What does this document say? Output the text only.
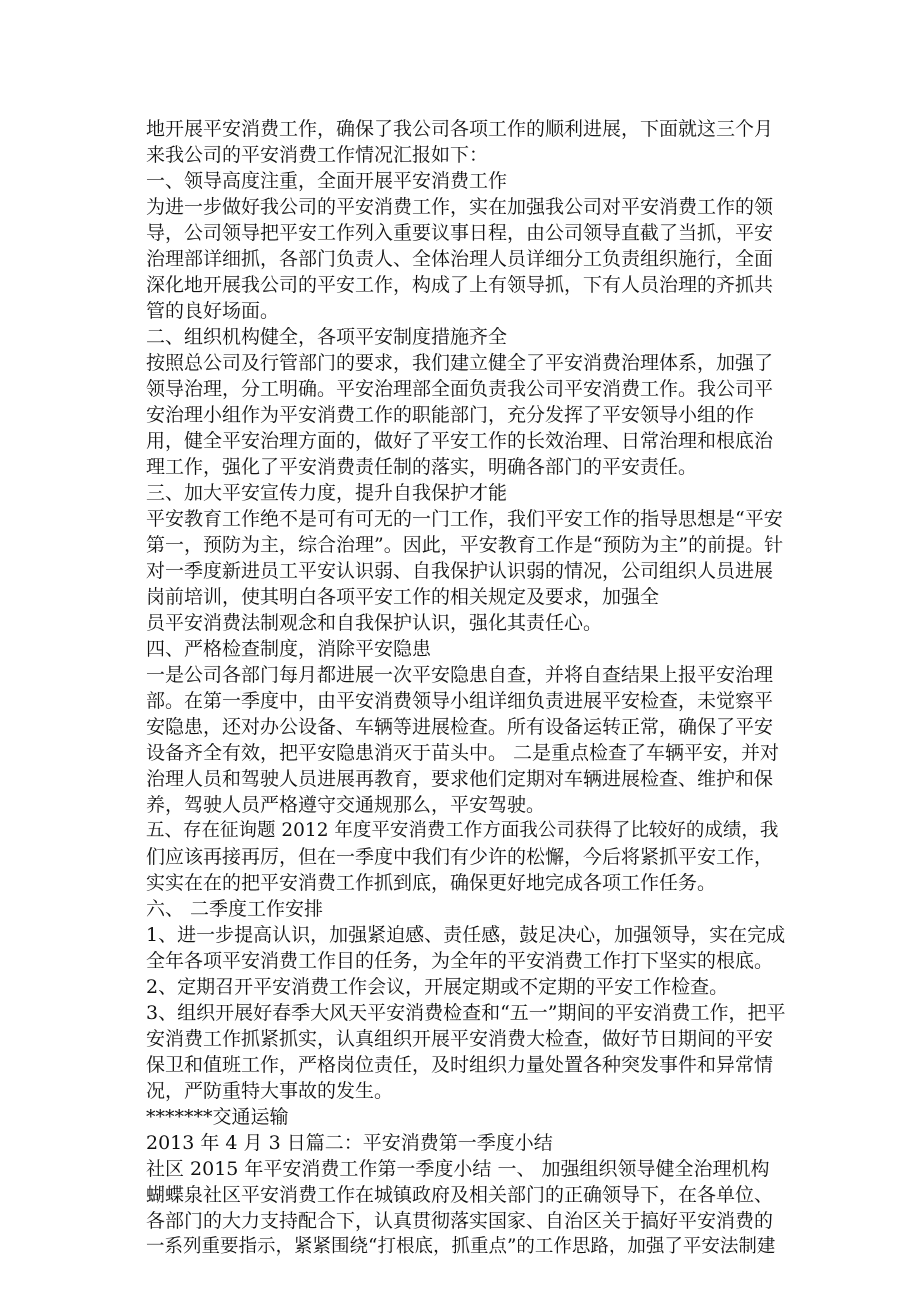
地开展平安消费工作，确保了我公司各项工作的顺利进展，下面就这三个月

来我公司的平安消费工作情况汇报如下：

一、领导高度注重，全面开展平安消费工作

为进一步做好我公司的平安消费工作，实在加强我公司对平安消费工作的领

导，公司领导把平安工作列入重要议事日程，由公司领导直截了当抓，平安

治理部详细抓，各部门负责人、全体治理人员详细分工负责组织施行，全面

深化地开展我公司的平安工作，构成了上有领导抓，下有人员治理的齐抓共

管的良好场面。

二、组织机构健全，各项平安制度措施齐全

按照总公司及行管部门的要求，我们建立健全了平安消费治理体系，加强了

领导治理，分工明确。平安治理部全面负责我公司平安消费工作。我公司平

安治理小组作为平安消费工作的职能部门，充分发挥了平安领导小组的作

用，健全平安治理方面的，做好了平安工作的长效治理、日常治理和根底治

理工作，强化了平安消费责任制的落实，明确各部门的平安责任。

三、加大平安宣传力度，提升自我保护才能

平安教育工作绝不是可有可无的一门工作，我们平安工作的指导思想是“平安

第一，预防为主，综合治理”。因此，平安教育工作是“预防为主”的前提。针

对一季度新进员工平安认识弱、自我保护认识弱的情况，公司组织人员进展

岗前培训，使其明白各项平安工作的相关规定及要求，加强全

员平安消费法制观念和自我保护认识，强化其责任心。

四、严格检查制度，消除平安隐患

一是公司各部门每月都进展一次平安隐患自查，并将自查结果上报平安治理

部。在第一季度中，由平安消费领导小组详细负责进展平安检查，未觉察平

安隐患，还对办公设备、车辆等进展检查。所有设备运转正常，确保了平安

设备齐全有效，把平安隐患消灭于苗头中。 二是重点检查了车辆平安，并对

治理人员和驾驶人员进展再教育，要求他们定期对车辆进展检查、维护和保

养，驾驶人员严格遵守交通规那么，平安驾驶。

五、存在征询题 2012 年度平安消费工作方面我公司获得了比较好的成绩，我

们应该再接再厉，但在一季度中我们有少许的松懈，今后将紧抓平安工作，

实实在在的把平安消费工作抓到底，确保更好地完成各项工作任务。

六、 二季度工作安排

1、进一步提高认识，加强紧迫感、责任感，鼓足决心，加强领导，实在完成

全年各项平安消费工作目的任务，为全年的平安消费工作打下坚实的根底。

2、定期召开平安消费工作会议，开展定期或不定期的平安工作检查。

3、组织开展好春季大风天平安消费检查和“五一”期间的平安消费工作，把平

安消费工作抓紧抓实，认真组织开展平安消费大检查，做好节日期间的平安

保卫和值班工作，严格岗位责任，及时组织力量处置各种突发事件和异常情

况，严防重特大事故的发生。

*******交通运输

2013 年 4 月 3 日篇二：平安消费第一季度小结

社区 2015 年平安消费工作第一季度小结 一、 加强组织领导健全治理机构

蝴蝶泉社区平安消费工作在城镇政府及相关部门的正确领导下，在各单位、

各部门的大力支持配合下，认真贯彻落实国家、自治区关于搞好平安消费的

一系列重要指示，紧紧围绕“打根底，抓重点”的工作思路，加强了平安法制建
